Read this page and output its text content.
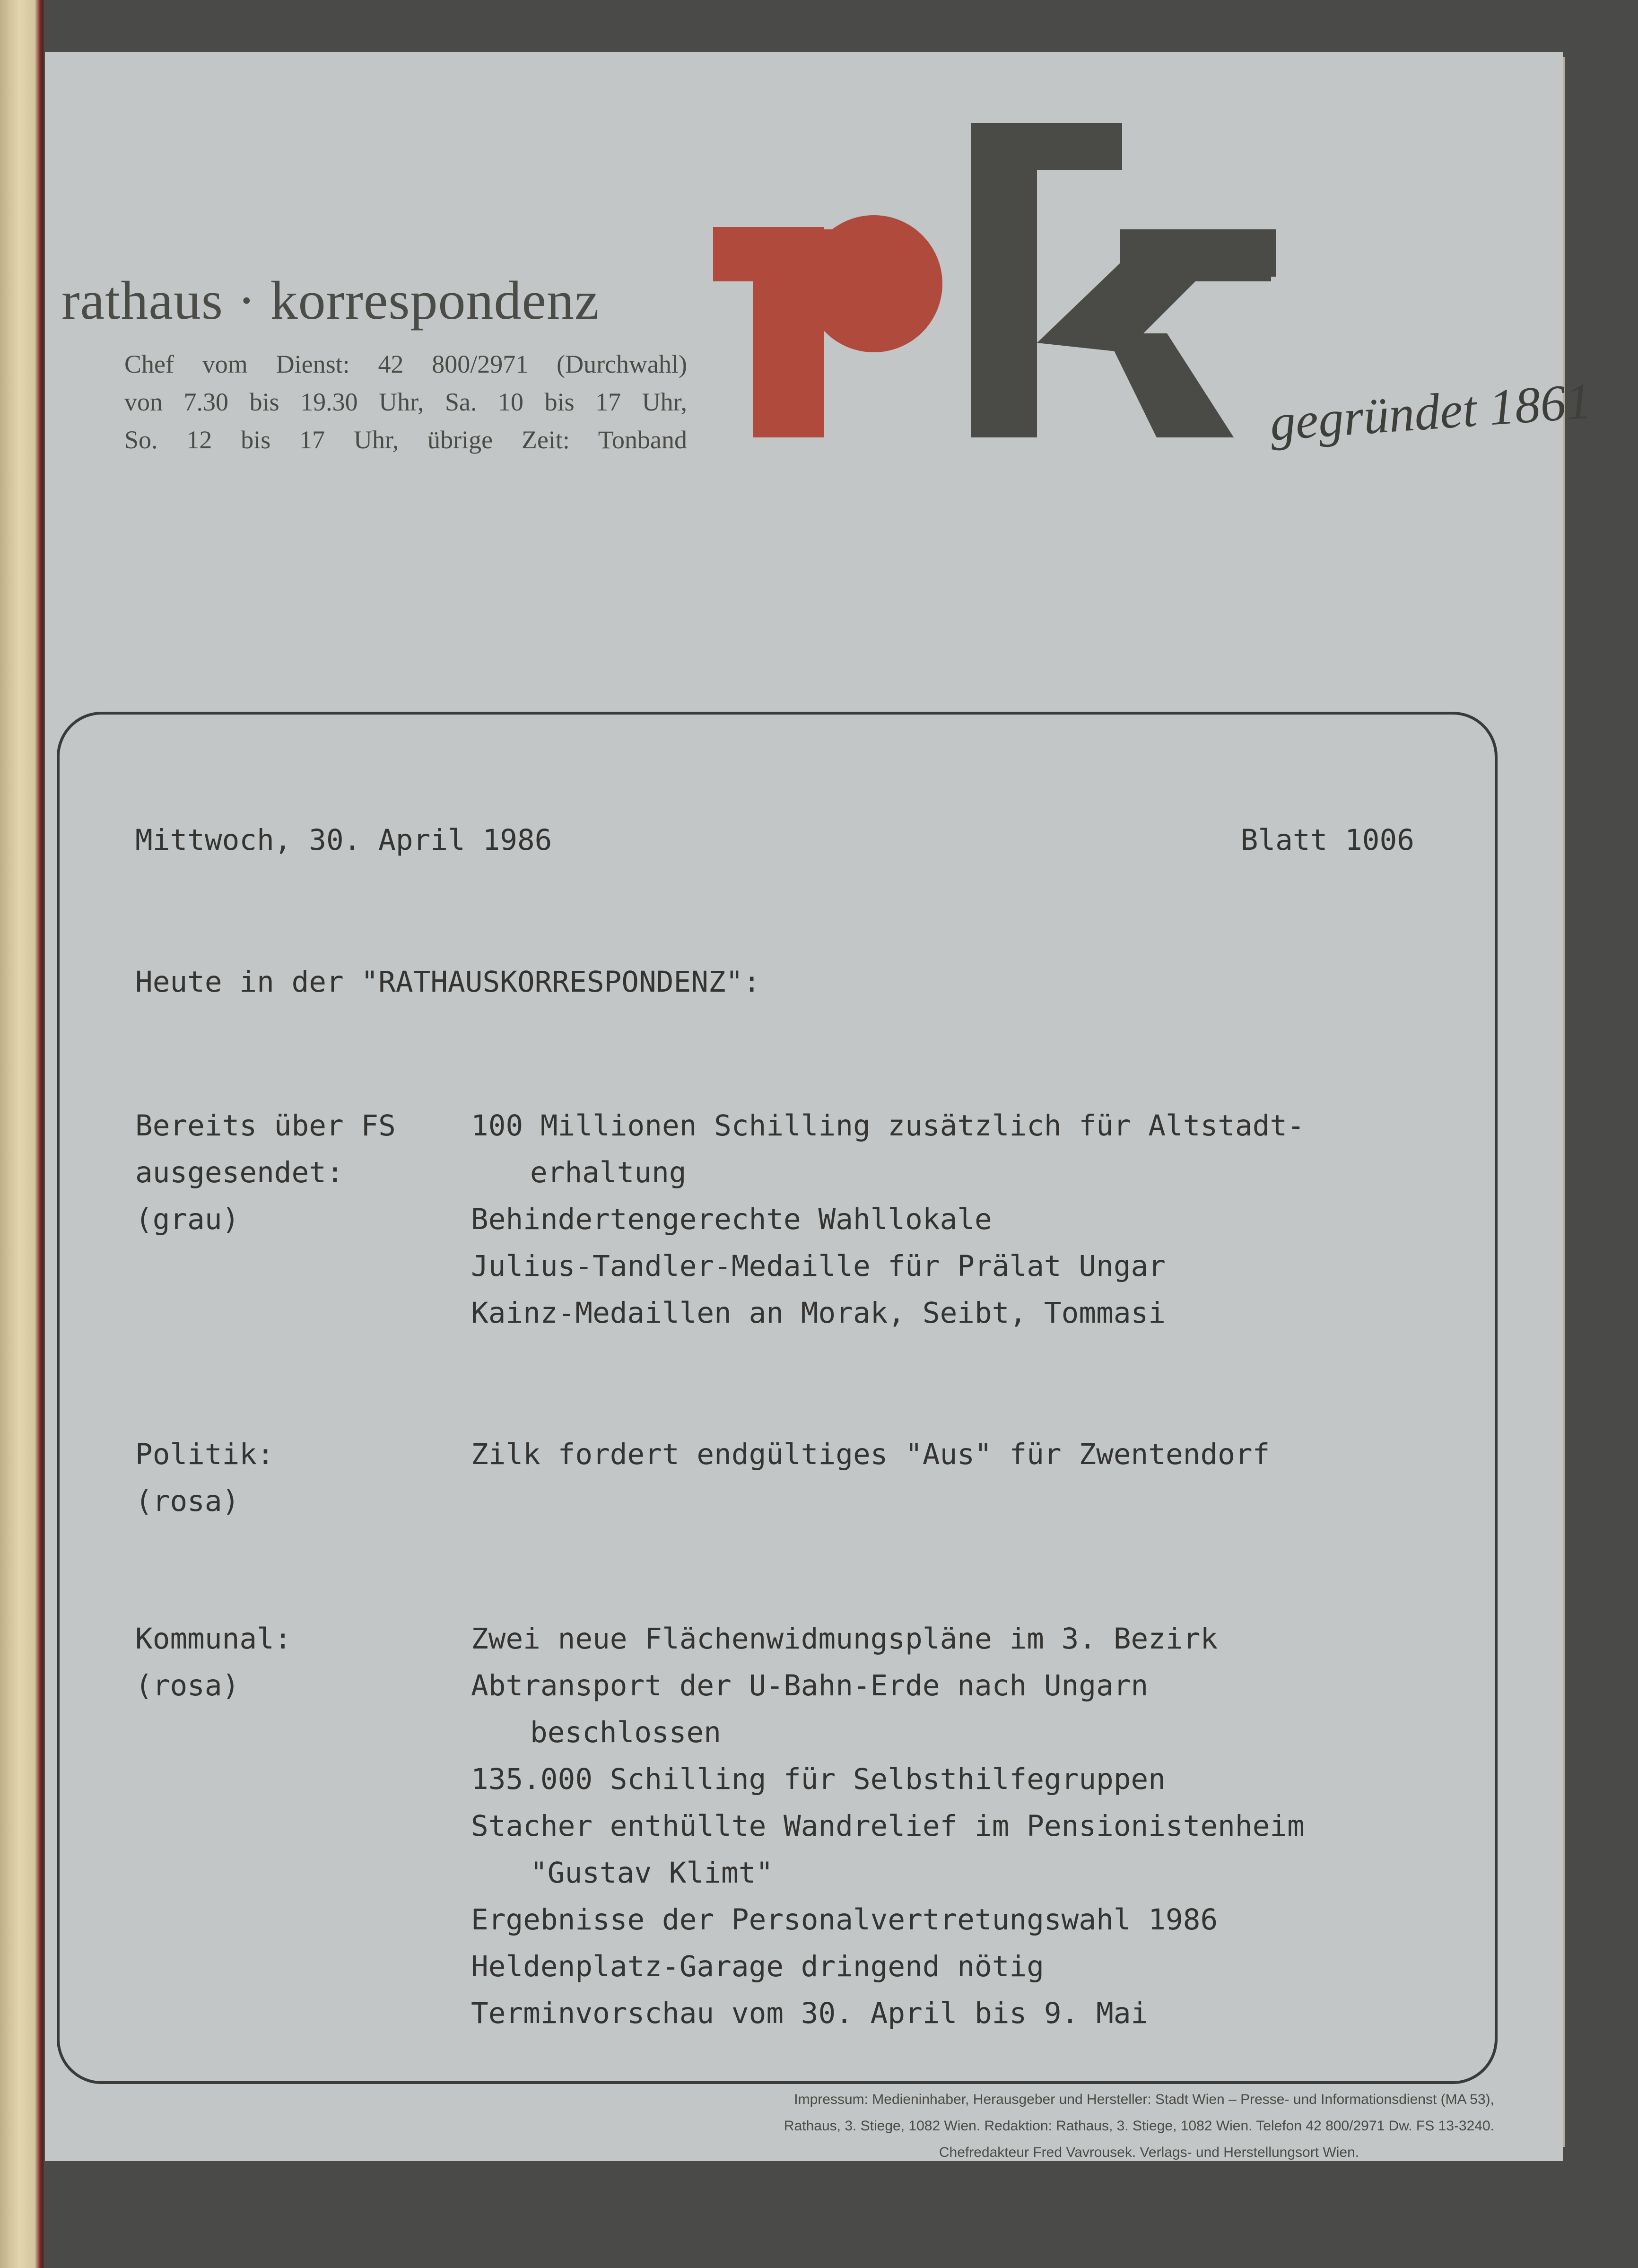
rathaus · korrespondenz
Chef vom Dienst: 42 800/2971 (Durchwahl)
von 7.30 bis 19.30 Uhr, Sa. 10 bis 17 Uhr,
So. 12 bis 17 Uhr, übrige Zeit: Tonband	gegründet 1861

Mittwoch, 30. April 1986	Blatt 1006
Heute in der "RATHAUSKORRESPONDENZ":
Bereits über FS
ausgesendet:
(grau)
100 Millionen Schilling zusätzlich für Altstadt-
erhaltung
Behindertengerechte Wahllokale
Julius-Tandler-Medaille für Prälat Ungar
Kainz-Medaillen an Morak, Seibt, Tommasi
Politik:
(rosa)
Zilk fordert endgültiges "Aus" für Zwentendorf
Kommunal:
(rosa)
Zwei neue Flächenwidmungspläne im 3. Bezirk
Abtransport der U-Bahn-Erde nach Ungarn
beschlossen
135.000 Schilling für Selbsthilfegruppen
Stacher enthüllte Wandrelief im Pensionistenheim
"Gustav Klimt"
Ergebnisse der Personalvertretungswahl 1986
Heldenplatz-Garage dringend nötig
Terminvorschau vom 30. April bis 9. Mai
Impressum: Medieninhaber, Herausgeber und Hersteller: Stadt Wien – Presse- und Informationsdienst (MA 53),
Rathaus, 3. Stiege, 1082 Wien. Redaktion: Rathaus, 3. Stiege, 1082 Wien. Telefon 42 800/2971 Dw. FS 13-3240.
Chefredakteur Fred Vavrousek. Verlags- und Herstellungsort Wien.
